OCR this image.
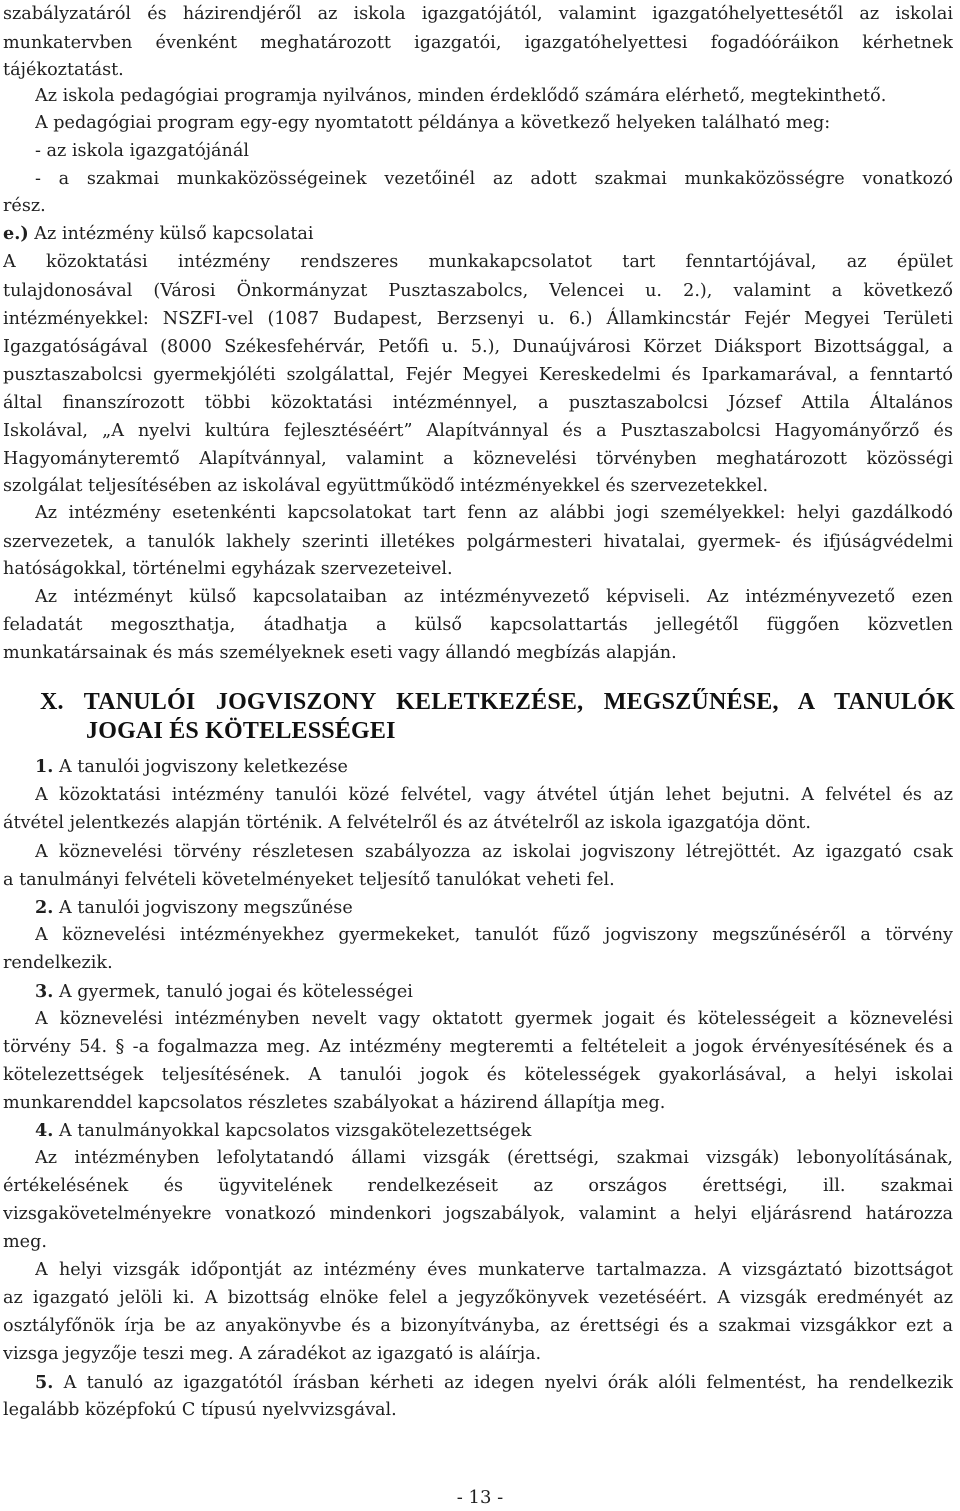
szabályzatáról és házirendjéről az iskola igazgatójától, valamint igazgatóhelyettesétől az iskolai
munkatervben évenként meghatározott igazgatói, igazgatóhelyettesi fogadóóráikon kérhetnek
tájékoztatást.
Az iskola pedagógiai programja nyilvános, minden érdeklődő számára elérhető, megtekinthető.
A pedagógiai program egy-egy nyomtatott példánya a következő helyeken található meg:
- az iskola igazgatójánál
- a szakmai munkaközösségeinek vezetőinél az adott szakmai munkaközösségre vonatkozó
rész.
e.) Az intézmény külső kapcsolatai
A közoktatási intézmény rendszeres munkakapcsolatot tart fenntartójával, az épület
tulajdonosával (Városi Önkormányzat Pusztaszabolcs, Velencei u. 2.), valamint a következő
intézményekkel: NSZFI-vel (1087 Budapest, Berzsenyi u. 6.) Államkincstár Fejér Megyei Területi
Igazgatóságával (8000 Székesfehérvár, Petőfi u. 5.), Dunaújvárosi Körzet Diáksport Bizottsággal, a
pusztaszabolcsi gyermekjóléti szolgálattal, Fejér Megyei Kereskedelmi és Iparkamarával, a fenntartó
által finanszírozott többi közoktatási intézménnyel, a pusztaszabolcsi József Attila Általános
Iskolával, „A nyelvi kultúra fejlesztéséért” Alapítvánnyal és a Pusztaszabolcsi Hagyományőrző és
Hagyományteremtő Alapítvánnyal, valamint a köznevelési törvényben meghatározott közösségi
szolgálat teljesítésében az iskolával együttműködő intézményekkel és szervezetekkel.
Az intézmény esetenkénti kapcsolatokat tart fenn az alábbi jogi személyekkel: helyi gazdálkodó
szervezetek, a tanulók lakhely szerinti illetékes polgármesteri hivatalai, gyermek- és ifjúságvédelmi
hatóságokkal, történelmi egyházak szervezeteivel.
Az intézményt külső kapcsolataiban az intézményvezető képviseli. Az intézményvezető ezen
feladatát megoszthatja, átadhatja a külső kapcsolattartás jellegétől függően közvetlen
munkatársainak és más személyeknek eseti vagy állandó megbízás alapján.
X. TANULÓI JOGVISZONY KELETKEZÉSE, MEGSZŰNÉSE, A TANULÓK
JOGAI ÉS KÖTELESSÉGEI
1. A tanulói jogviszony keletkezése
A közoktatási intézmény tanulói közé felvétel, vagy átvétel útján lehet bejutni. A felvétel és az
átvétel jelentkezés alapján történik. A felvételről és az átvételről az iskola igazgatója dönt.
A köznevelési törvény részletesen szabályozza az iskolai jogviszony létrejöttét. Az igazgató csak
a tanulmányi felvételi követelményeket teljesítő tanulókat veheti fel.
2. A tanulói jogviszony megszűnése
A köznevelési intézményekhez gyermekeket, tanulót fűző jogviszony megszűnéséről a törvény
rendelkezik.
3. A gyermek, tanuló jogai és kötelességei
A köznevelési intézményben nevelt vagy oktatott gyermek jogait és kötelességeit a köznevelési
törvény 54. § -a fogalmazza meg. Az intézmény megteremti a feltételeit a jogok érvényesítésének és a
kötelezettségek teljesítésének. A tanulói jogok és kötelességek gyakorlásával, a helyi iskolai
munkarenddel kapcsolatos részletes szabályokat a házirend állapítja meg.
4. A tanulmányokkal kapcsolatos vizsgakötelezettségek
Az intézményben lefolytatandó állami vizsgák (érettségi, szakmai vizsgák) lebonyolításának,
értékelésének és ügyvitelének rendelkezéseit az országos érettségi, ill. szakmai
vizsgakövetelményekre vonatkozó mindenkori jogszabályok, valamint a helyi eljárásrend határozza
meg.
A helyi vizsgák időpontját az intézmény éves munkaterve tartalmazza. A vizsgáztató bizottságot
az igazgató jelöli ki. A bizottság elnöke felel a jegyzőkönyvek vezetéséért. A vizsgák eredményét az
osztályfőnök írja be az anyakönyvbe és a bizonyítványba, az érettségi és a szakmai vizsgákkor ezt a
vizsga jegyzője teszi meg. A záradékot az igazgató is aláírja.
5. A tanuló az igazgatótól írásban kérheti az idegen nyelvi órák alóli felmentést, ha rendelkezik
legalább középfokú C típusú nyelvvizsgával.
- 13 -
